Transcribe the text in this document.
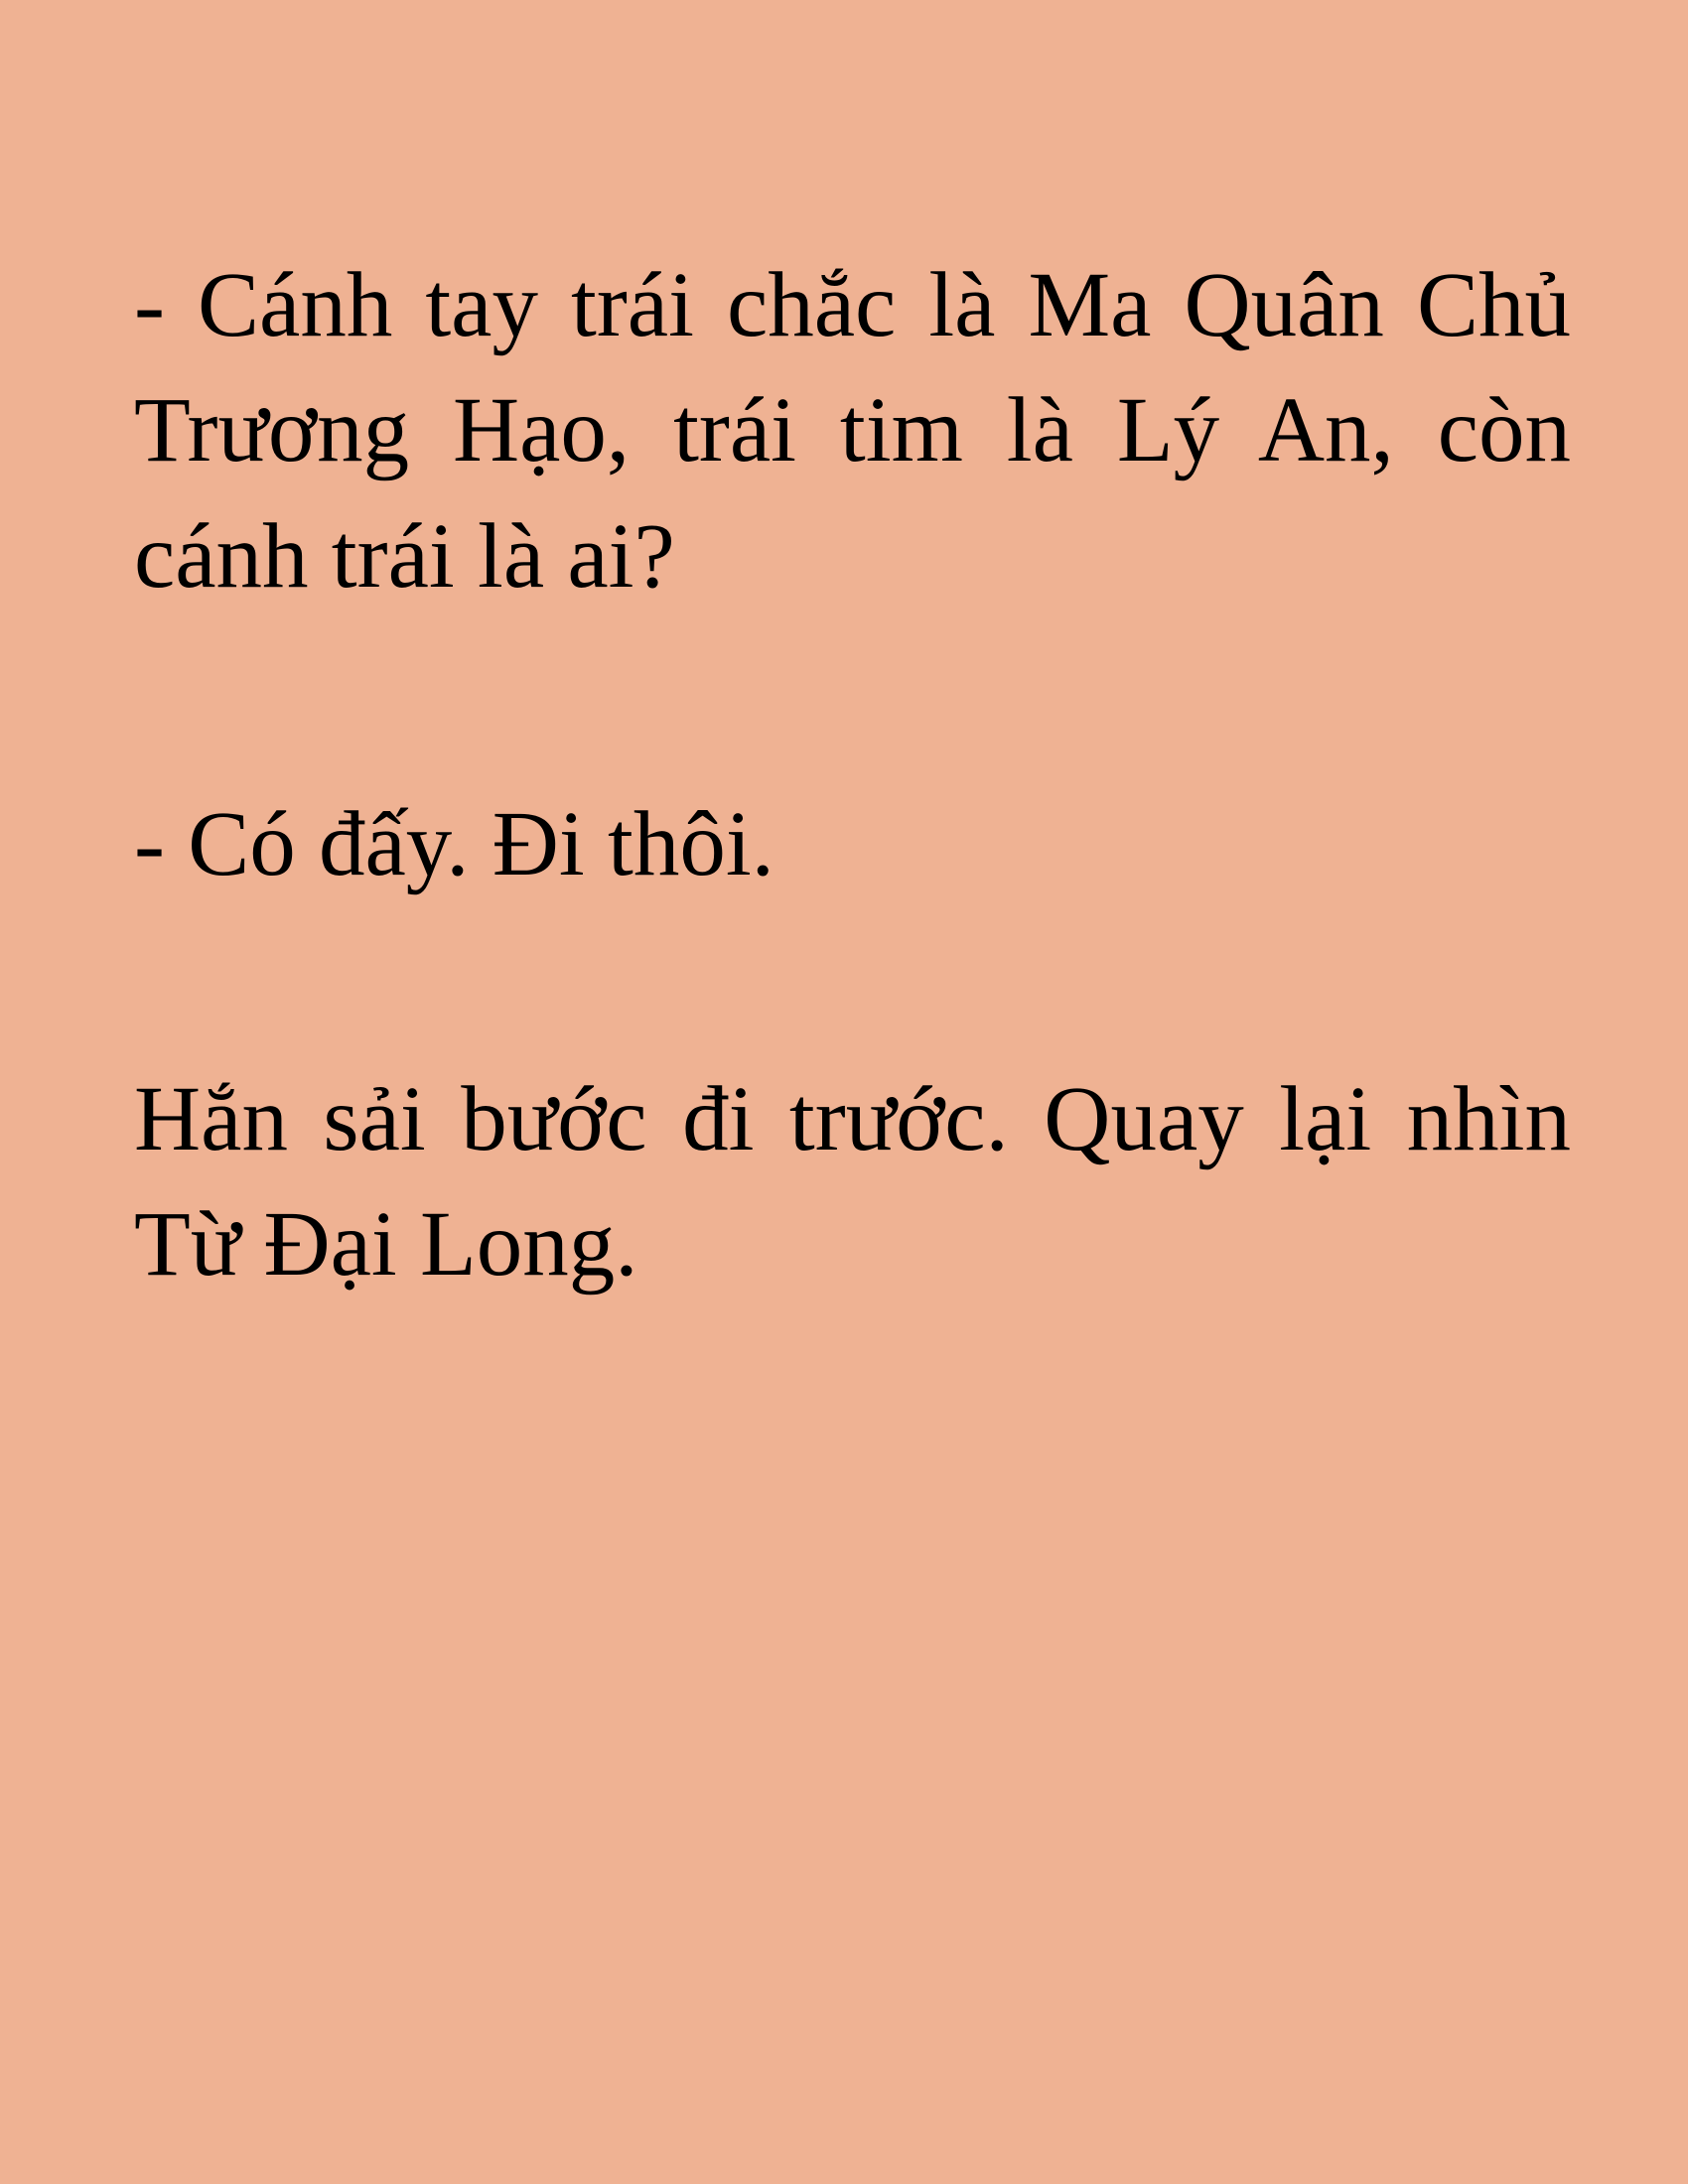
- Cánh tay trái chắc là Ma Quân Chủ Trương Hạo, trái tim là Lý An, còn cánh trái là ai?

- Có đấy. Đi thôi.

Hắn sải bước đi trước. Quay lại nhìn Từ Đại Long.
